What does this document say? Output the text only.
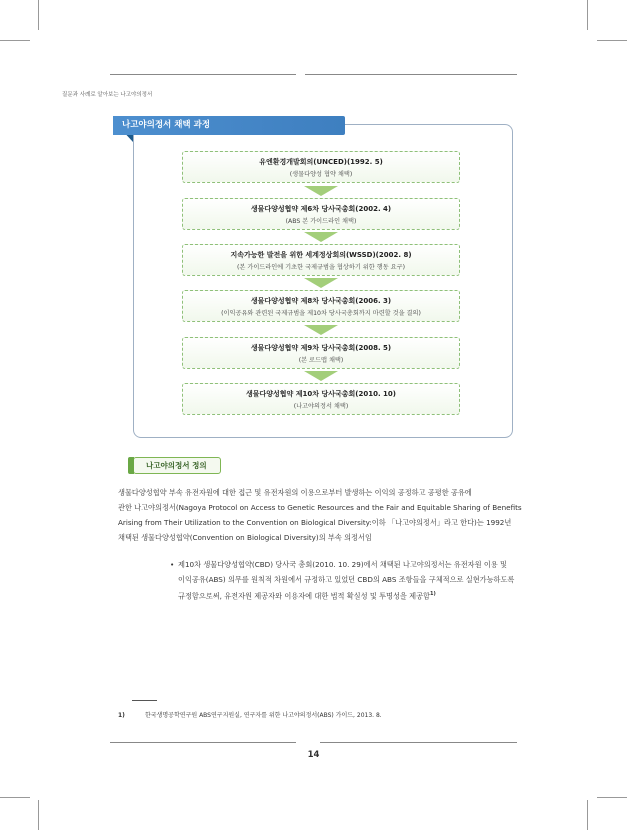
질문과 사례로 알아보는 나고야의정서
나고야의정서 채택 과정
유엔환경개발회의(UNCED)(1992. 5)
(생물다양성 협약 채택)
생물다양성협약 제6차 당사국총회(2002. 4)
(ABS 본 가이드라인 채택)
지속가능한 발전을 위한 세계정상회의(WSSD)(2002. 8)
(본 가이드라인에 기초한 국제규범을 협상하기 위한 행동 요구)
생물다양성협약 제8차 당사국총회(2006. 3)
(이익공유와 관련된 국제규범을 제10차 당사국총회까지 마련할 것을 결의)
생물다양성협약 제9차 당사국총회(2008. 5)
(본 로드맵 채택)
생물다양성협약 제10차 당사국총회(2010. 10)
(나고야의정서 채택)
나고야의정서 정의

생물다양성협약 부속 유전자원에 대한 접근 및 유전자원의 이용으로부터 발생하는 이익의 공정하고 공평한 공유에

관한 나고야의정서(Nagoya Protocol on Access to Genetic Resources and the Fair and Equitable Sharing of Benefits

Arising from Their Utilization to the Convention on Biological Diversity:이하 「나고야의정서」라고 한다)는 1992년

채택된 생물다양성협약(Convention on Biological Diversity)의 부속 의정서임

• 제10차 생물다양성협약(CBD) 당사국 총회(2010. 10. 29)에서 채택된 나고야의정서는 유전자원 이용 및

이익공유(ABS) 의무를 원칙적 차원에서 규정하고 있었던 CBD의 ABS 조항들을 구체적으로 실현가능하도록

규정함으로써, 유전자원 제공자와 이용자에 대한 법적 확실성 및 투명성을 제공함$^{1)}$

1)	한국생명공학연구원 ABS연구지원실, 연구자를 위한 나고야의정서(ABS) 가이드, 2013. 8.
14
